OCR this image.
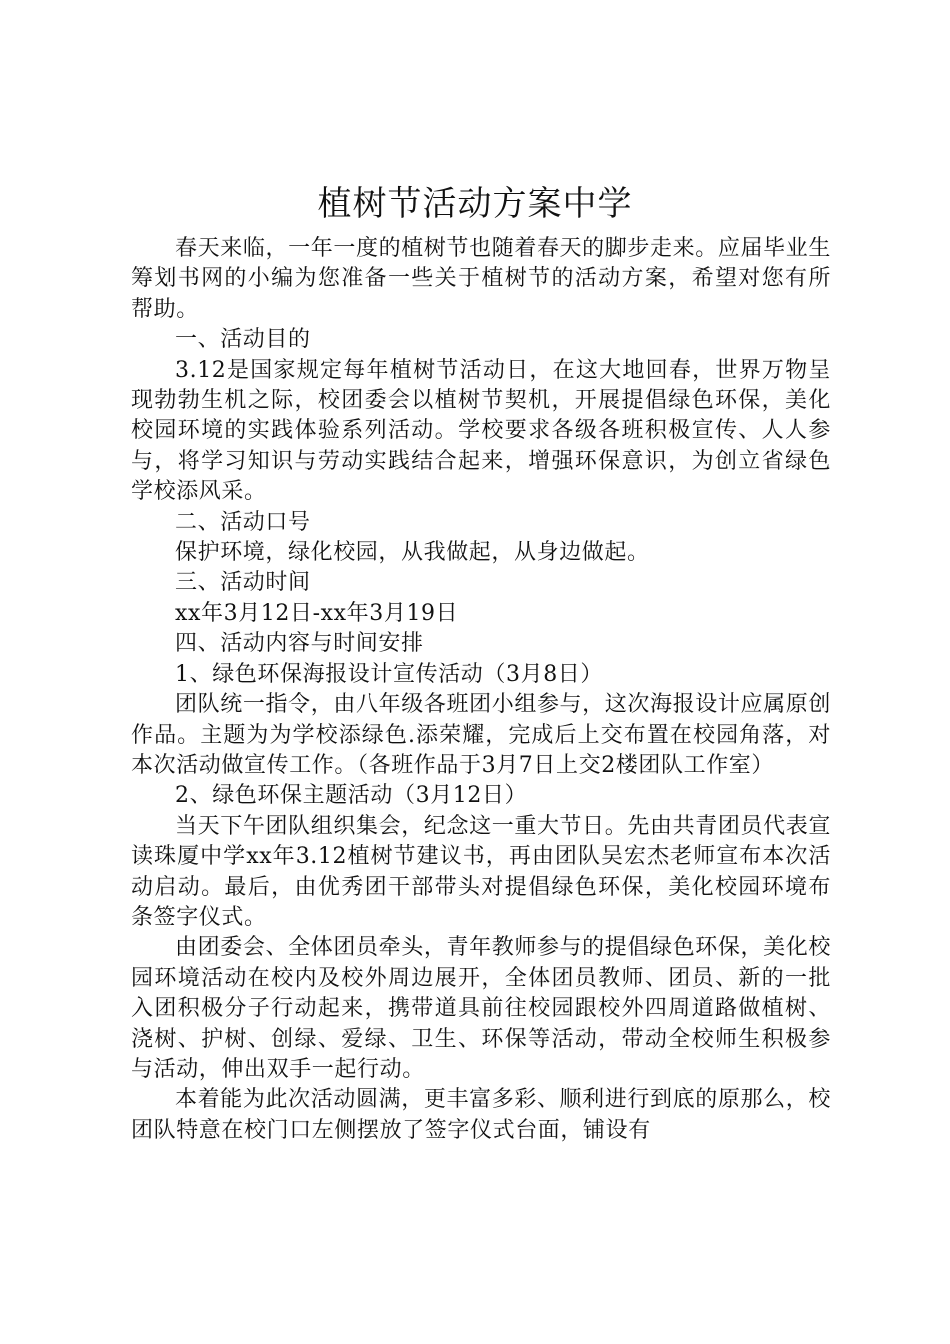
植树节活动方案中学

春天来临，一年一度的植树节也随着春天的脚步走来。应届毕业生筹划书网的小编为您准备一些关于植树节的活动方案，希望对您有所帮助。

一、活动目的

3.12是国家规定每年植树节活动日，在这大地回春，世界万物呈现勃勃生机之际，校团委会以植树节契机，开展提倡绿色环保，美化校园环境的实践体验系列活动。学校要求各级各班积极宣传、人人参与，将学习知识与劳动实践结合起来，增强环保意识，为创立省绿色学校添风采。

二、活动口号

保护环境，绿化校园，从我做起，从身边做起。

三、活动时间

xx年3月12日-xx年3月19日

四、活动内容与时间安排

1、绿色环保海报设计宣传活动（3月8日）

团队统一指令，由八年级各班团小组参与，这次海报设计应属原创作品。主题为为学校添绿色.添荣耀，完成后上交布置在校园角落，对本次活动做宣传工作。（各班作品于3月7日上交2楼团队工作室）

2、绿色环保主题活动（3月12日）

当天下午团队组织集会，纪念这一重大节日。先由共青团员代表宣读珠厦中学xx年3.12植树节建议书，再由团队吴宏杰老师宣布本次活动启动。最后，由优秀团干部带头对提倡绿色环保，美化校园环境布条签字仪式。

由团委会、全体团员牵头，青年教师参与的提倡绿色环保，美化校园环境活动在校内及校外周边展开，全体团员教师、团员、新的一批入团积极分子行动起来，携带道具前往校园跟校外四周道路做植树、浇树、护树、创绿、爱绿、卫生、环保等活动，带动全校师生积极参与活动，伸出双手一起行动。

本着能为此次活动圆满，更丰富多彩、顺利进行到底的原那么，校团队特意在校门口左侧摆放了签字仪式台面，铺设有
